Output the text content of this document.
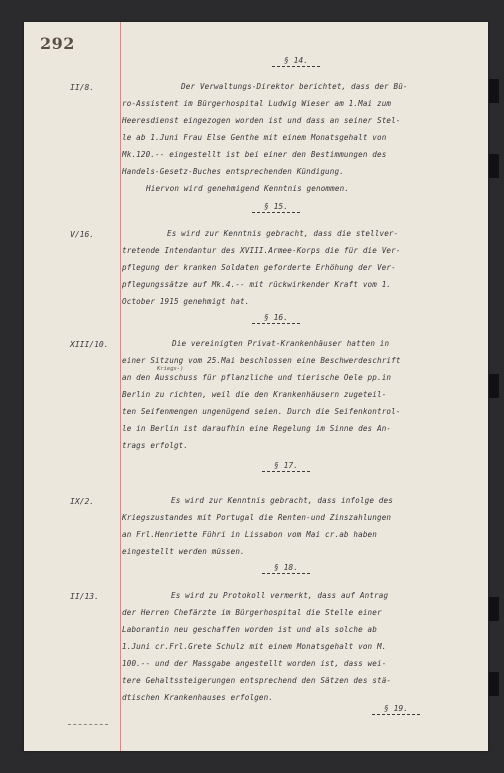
292
§ 14.
II/8.	Der Verwaltungs-Direktor berichtet, dass der Bü-
ro-Assistent im Bürgerhospital Ludwig Wieser am 1.Mai zum
Heeresdienst eingezogen worden ist und dass an seiner Stel-
le ab 1.Juni Frau Else Genthe mit einem Monatsgehalt von
Mk.120.-- eingestellt ist bei einer den Bestimmungen des
Handels-Gesetz-Buches entsprechenden Kündigung.
Hiervon wird genehmigend Kenntnis genommen.
§ 15.
V/16.	Es wird zur Kenntnis gebracht, dass die stellver-
tretende Intendantur des XVIII.Armee-Korps die für die Ver-
pflegung der kranken Soldaten geforderte Erhöhung der Ver-
pflegungssätze auf Mk.4.-- mit rückwirkender Kraft vom 1.
October 1915 genehmigt hat.
§ 16.
XIII/10.	Die vereinigten Privat-Krankenhäuser hatten in
einer Sitzung vom 25.Mai beschlossen eine Beschwerdeschrift
Kriegs-)
an den Ausschuss für pflanzliche und tierische Oele pp.in
Berlin zu richten, weil die den Krankenhäusern zugeteil-
ten Seifenmengen ungenügend seien. Durch die Seifenkontrol-
le in Berlin ist daraufhin eine Regelung im Sinne des An-
trags erfolgt.
§ 17.
IX/2.	Es wird zur Kenntnis gebracht, dass infolge des
Kriegszustandes mit Portugal die Renten-und Zinszahlungen
an Frl.Henriette Führi in Lissabon vom Mai cr.ab haben
eingestellt werden müssen.
§ 18.
II/13.	Es wird zu Protokoll vermerkt, dass auf Antrag
der Herren Chefärzte im Bürgerhospital die Stelle einer
Laborantin neu geschaffen worden ist und als solche ab
1.Juni cr.Frl.Grete Schulz mit einem Monatsgehalt von M.
100.-- und der Massgabe angestellt worden ist, dass wei-
tere Gehaltssteigerungen entsprechend den Sätzen des stä-
dtischen Krankenhauses erfolgen.
§ 19.
